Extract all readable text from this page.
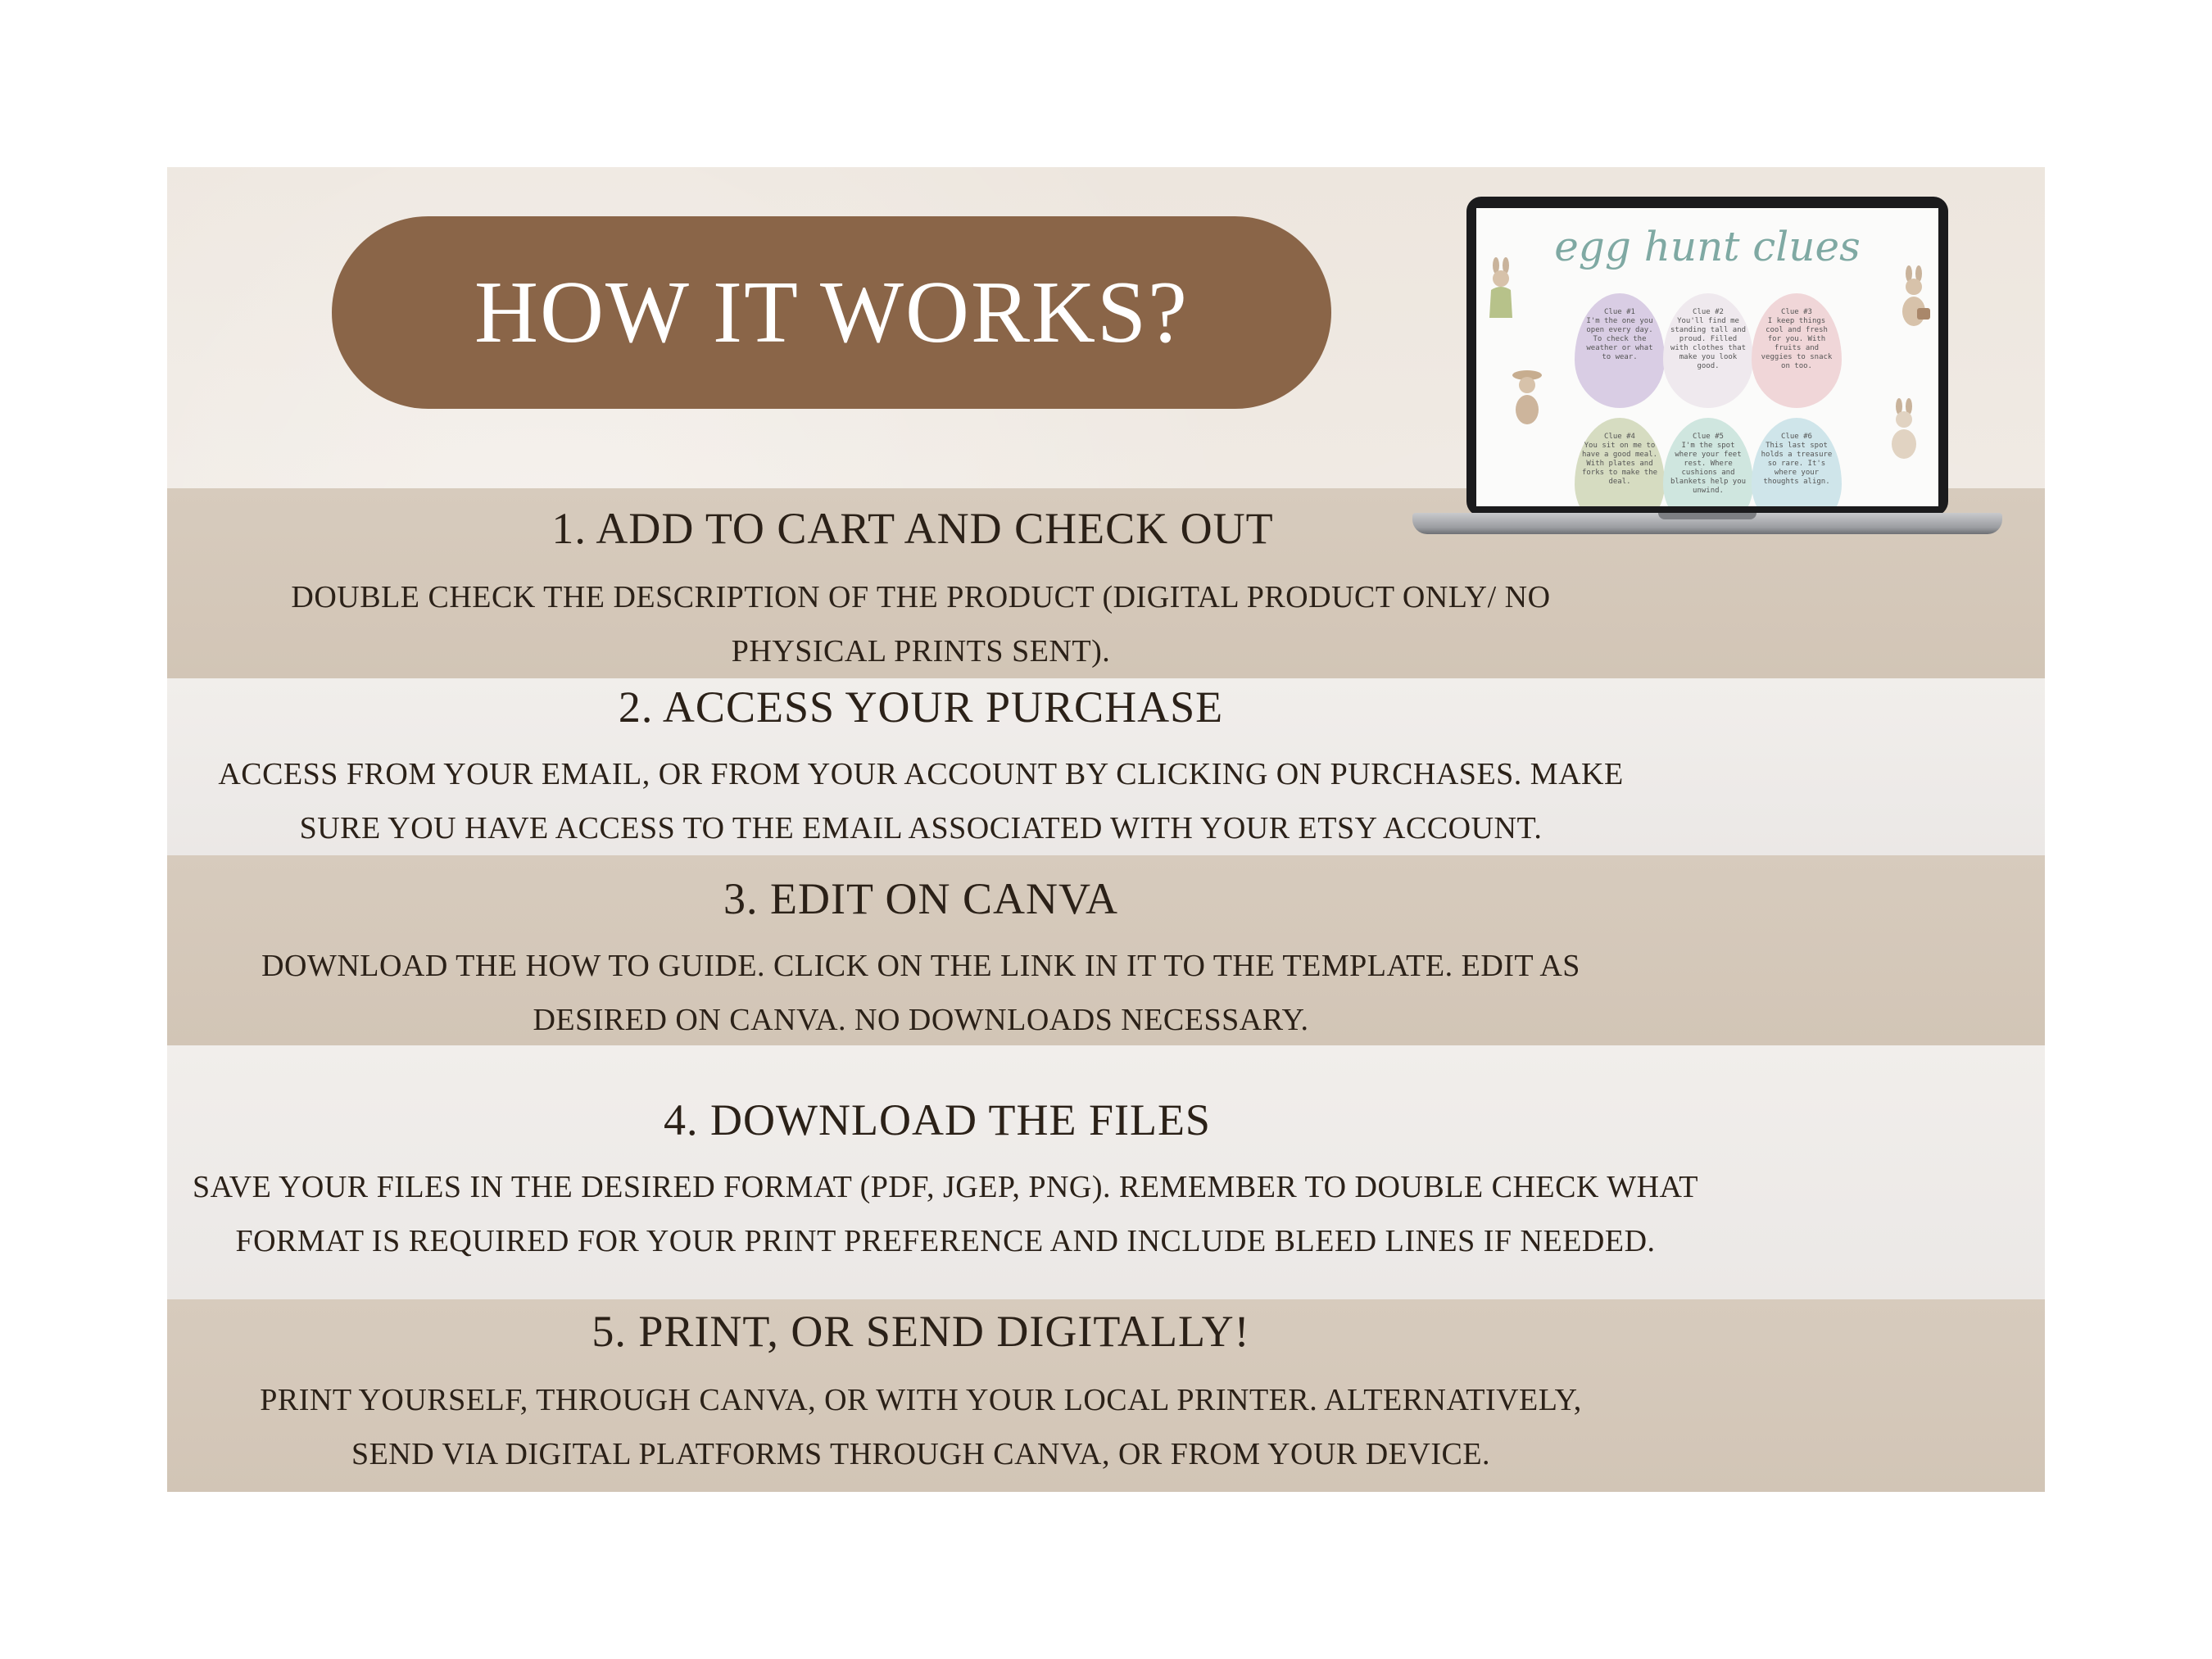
HOW IT WORKS?
1. ADD TO CART AND CHECK OUT
DOUBLE CHECK THE DESCRIPTION OF THE PRODUCT (DIGITAL PRODUCT ONLY/ NO
PHYSICAL PRINTS SENT).
2. ACCESS YOUR PURCHASE
ACCESS FROM YOUR EMAIL, OR FROM YOUR ACCOUNT BY CLICKING ON PURCHASES. MAKE
SURE YOU HAVE ACCESS TO THE EMAIL ASSOCIATED WITH YOUR ETSY ACCOUNT.
3. EDIT ON CANVA
DOWNLOAD THE HOW TO GUIDE. CLICK ON THE LINK IN IT TO THE TEMPLATE. EDIT AS
DESIRED ON CANVA. NO DOWNLOADS NECESSARY.
4. DOWNLOAD THE FILES
SAVE YOUR FILES IN THE DESIRED FORMAT (PDF, JGEP, PNG). REMEMBER TO DOUBLE CHECK WHAT
FORMAT IS REQUIRED FOR YOUR PRINT PREFERENCE AND INCLUDE BLEED LINES IF NEEDED.
5. PRINT, OR SEND DIGITALLY!
PRINT YOURSELF, THROUGH CANVA, OR WITH YOUR LOCAL PRINTER. ALTERNATIVELY,
SEND VIA DIGITAL PLATFORMS THROUGH CANVA, OR FROM YOUR DEVICE.
egg hunt clues
Clue #1
I'm the one you open every day. To check the weather or what to wear.
Clue #2
You'll find me standing tall and proud. Filled with clothes that make you look good.
Clue #3
I keep things cool and fresh for you. With fruits and veggies to snack on too.
Clue #4
You sit on me to have a good meal. With plates and forks to make the deal.
Clue #5
I'm the spot where your feet rest. Where cushions and blankets help you unwind.
Clue #6
This last spot holds a treasure so rare. It's where your thoughts align.
